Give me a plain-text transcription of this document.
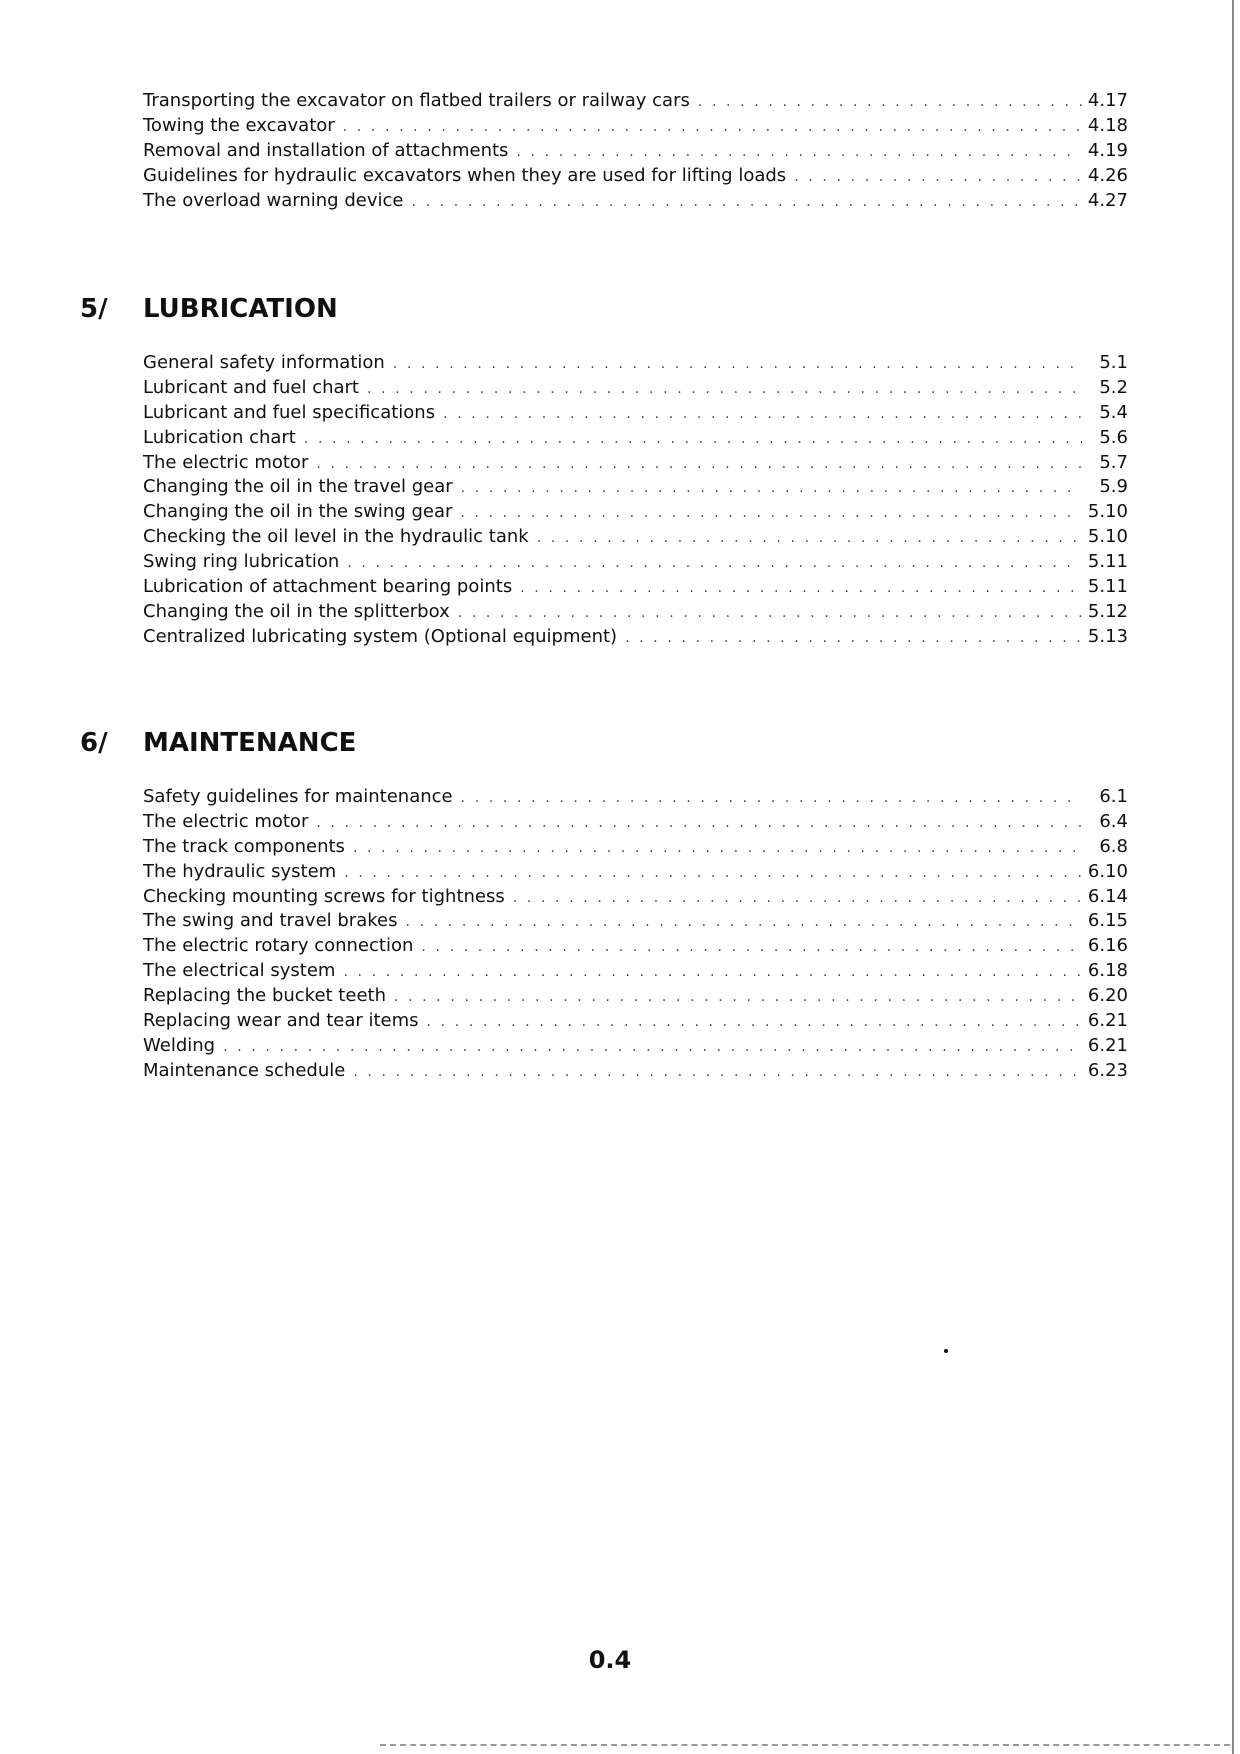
Transporting the excavator on flatbed trailers or railway cars . . .	4.17
Towing the excavator . . .	4.18
Removal and installation of attachments . . .	4.19
Guidelines for hydraulic excavators when they are used for lifting loads . . .	4.26
The overload warning device . . .	4.27
5/ LUBRICATION
General safety information . . .	5.1
Lubricant and fuel chart . . .	5.2
Lubricant and fuel specifications . . .	5.4
Lubrication chart . . .	5.6
The electric motor . . .	5.7
Changing the oil in the travel gear . . .	5.9
Changing the oil in the swing gear . . .	5.10
Checking the oil level in the hydraulic tank . . .	5.10
Swing ring lubrication . . .	5.11
Lubrication of attachment bearing points . . .	5.11
Changing the oil in the splitterbox . . .	5.12
Centralized lubricating system (Optional equipment) . . .	5.13
6/ MAINTENANCE
Safety guidelines for maintenance . . .	6.1
The electric motor . . .	6.4
The track components . . .	6.8
The hydraulic system . . .	6.10
Checking mounting screws for tightness . . .	6.14
The swing and travel brakes . . .	6.15
The electric rotary connection . . .	6.16
The electrical system . . .	6.18
Replacing the bucket teeth . . .	6.20
Replacing wear and tear items . . .	6.21
Welding . . .	6.21
Maintenance schedule . . .	6.23
0.4
